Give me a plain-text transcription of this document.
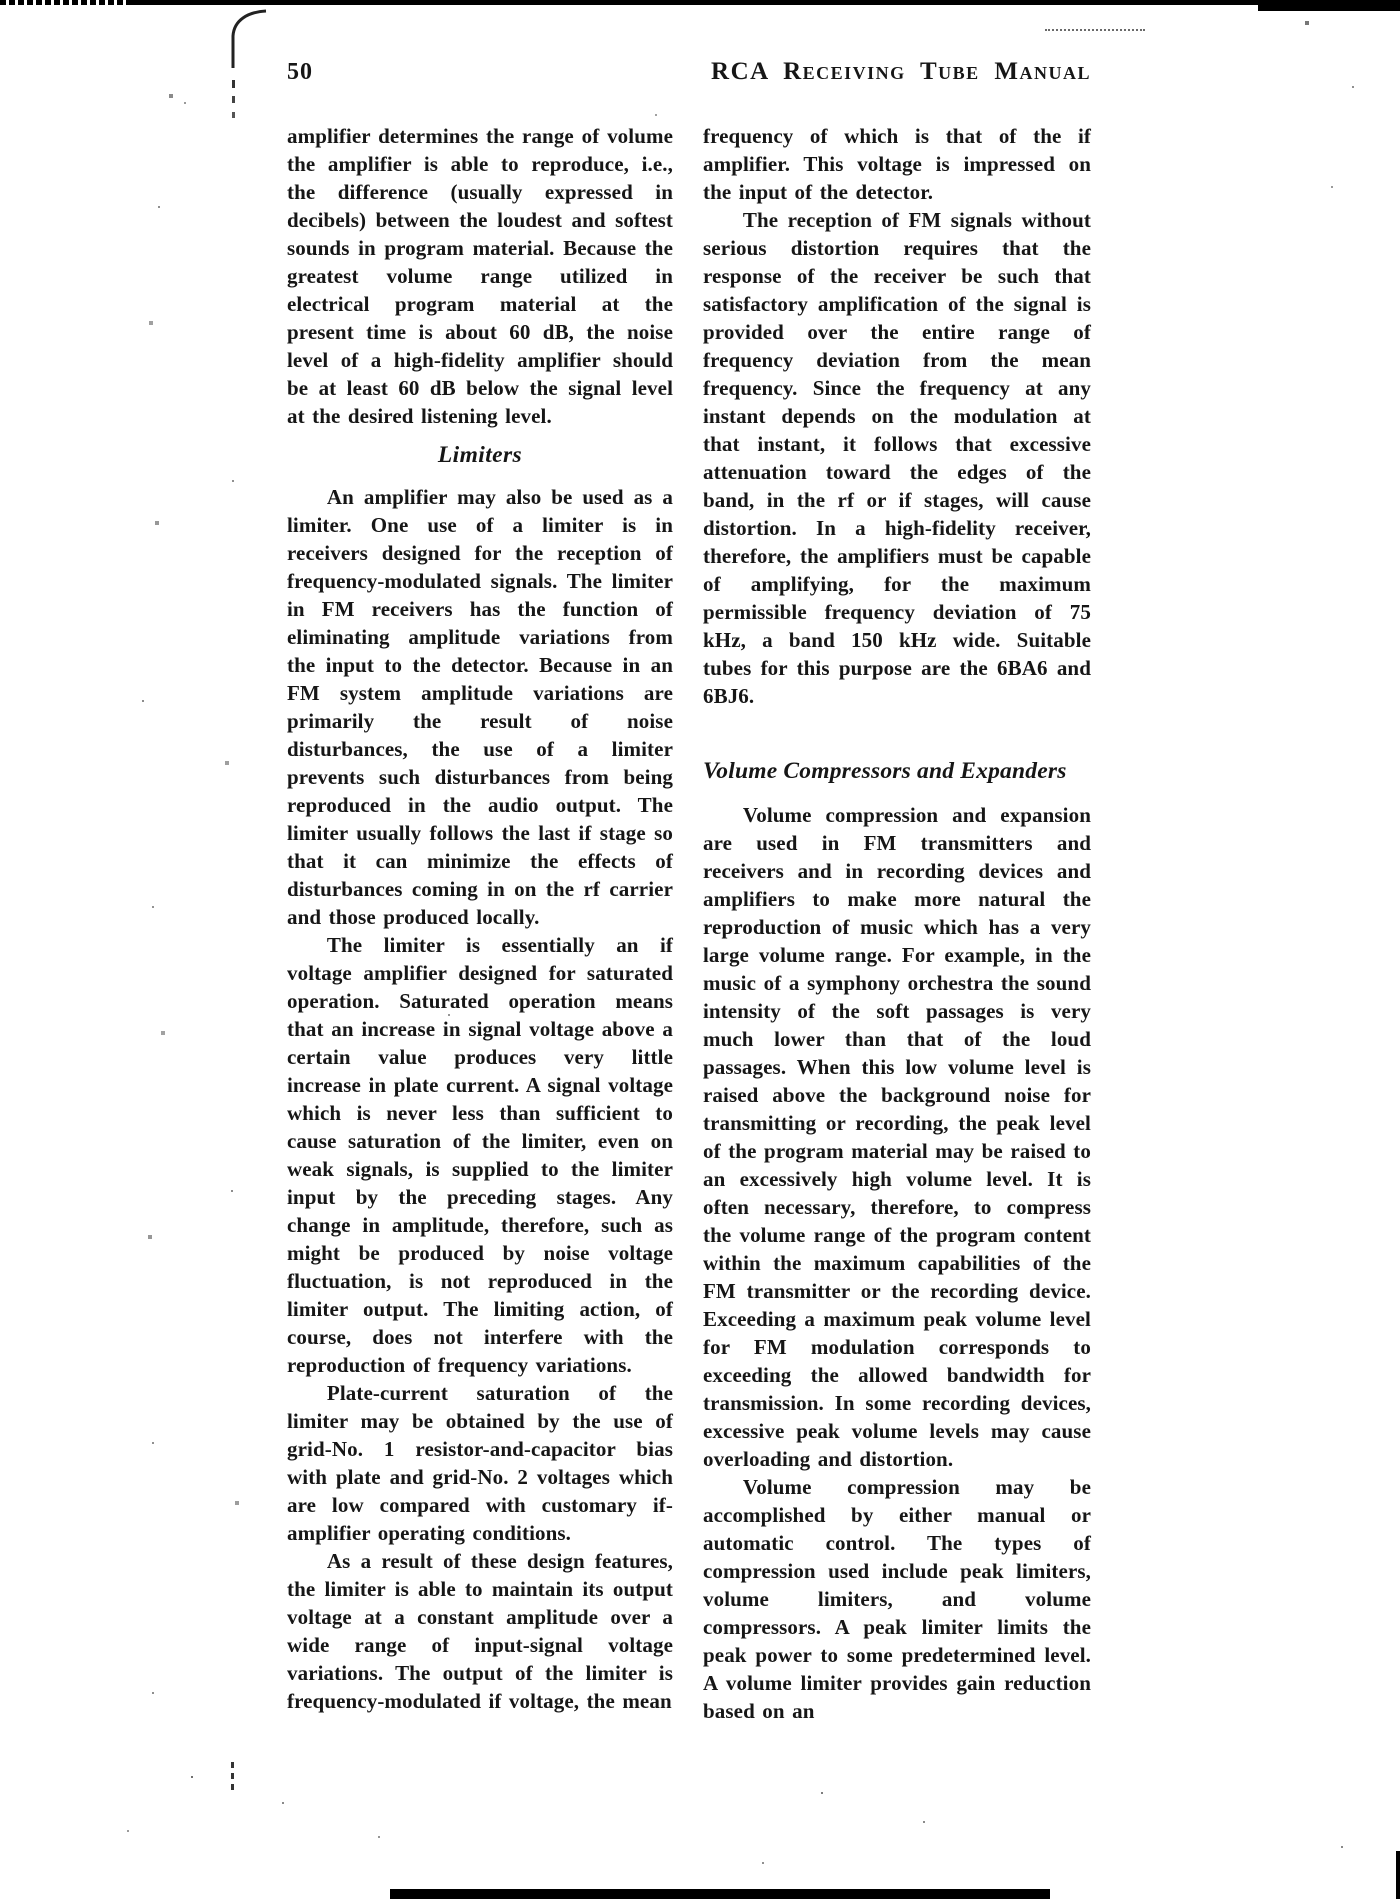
50	RCA Receiving Tube Manual

amplifier determines the range of volume the amplifier is able to reproduce, i.e., the difference (usually expressed in decibels) between the loudest and softest sounds in program material. Because the greatest volume range utilized in electrical program material at the present time is about 60 dB, the noise level of a high-fidelity amplifier should be at least 60 dB below the signal level at the desired listening level.

Limiters

An amplifier may also be used as a limiter. One use of a limiter is in receivers designed for the reception of frequency-modulated signals. The limiter in FM receivers has the function of eliminating amplitude variations from the input to the detector. Because in an FM system amplitude variations are primarily the result of noise disturbances, the use of a limiter prevents such disturbances from being reproduced in the audio output. The limiter usually follows the last if stage so that it can minimize the effects of disturbances coming in on the rf carrier and those produced locally.

The limiter is essentially an if voltage amplifier designed for saturated operation. Saturated operation means that an increase in signal voltage above a certain value produces very little increase in plate current. A signal voltage which is never less than sufficient to cause saturation of the limiter, even on weak signals, is supplied to the limiter input by the preceding stages. Any change in amplitude, therefore, such as might be produced by noise voltage fluctuation, is not reproduced in the limiter output. The limiting action, of course, does not interfere with the reproduction of frequency variations.

Plate-current saturation of the limiter may be obtained by the use of grid-No. 1 resistor-and-capacitor bias with plate and grid-No. 2 voltages which are low compared with customary if-amplifier operating conditions.

As a result of these design features, the limiter is able to maintain its output voltage at a constant amplitude over a wide range of input-signal voltage variations. The output of the limiter is frequency-modulated if voltage, the mean

frequency of which is that of the if amplifier. This voltage is impressed on the input of the detector.

The reception of FM signals without serious distortion requires that the response of the receiver be such that satisfactory amplification of the signal is provided over the entire range of frequency deviation from the mean frequency. Since the frequency at any instant depends on the modulation at that instant, it follows that excessive attenuation toward the edges of the band, in the rf or if stages, will cause distortion. In a high-fidelity receiver, therefore, the amplifiers must be capable of amplifying, for the maximum permissible frequency deviation of 75 kHz, a band 150 kHz wide. Suitable tubes for this purpose are the 6BA6 and 6BJ6.

Volume Compressors and Expanders

Volume compression and expansion are used in FM transmitters and receivers and in recording devices and amplifiers to make more natural the reproduction of music which has a very large volume range. For example, in the music of a symphony orchestra the sound intensity of the soft passages is very much lower than that of the loud passages. When this low volume level is raised above the background noise for transmitting or recording, the peak level of the program material may be raised to an excessively high volume level. It is often necessary, therefore, to compress the volume range of the program content within the maximum capabilities of the FM transmitter or the recording device. Exceeding a maximum peak volume level for FM modulation corresponds to exceeding the allowed bandwidth for transmission. In some recording devices, excessive peak volume levels may cause overloading and distortion.

Volume compression may be accomplished by either manual or automatic control. The types of compression used include peak limiters, volume limiters, and volume compressors. A peak limiter limits the peak power to some predetermined level. A volume limiter provides gain reduction based on an
